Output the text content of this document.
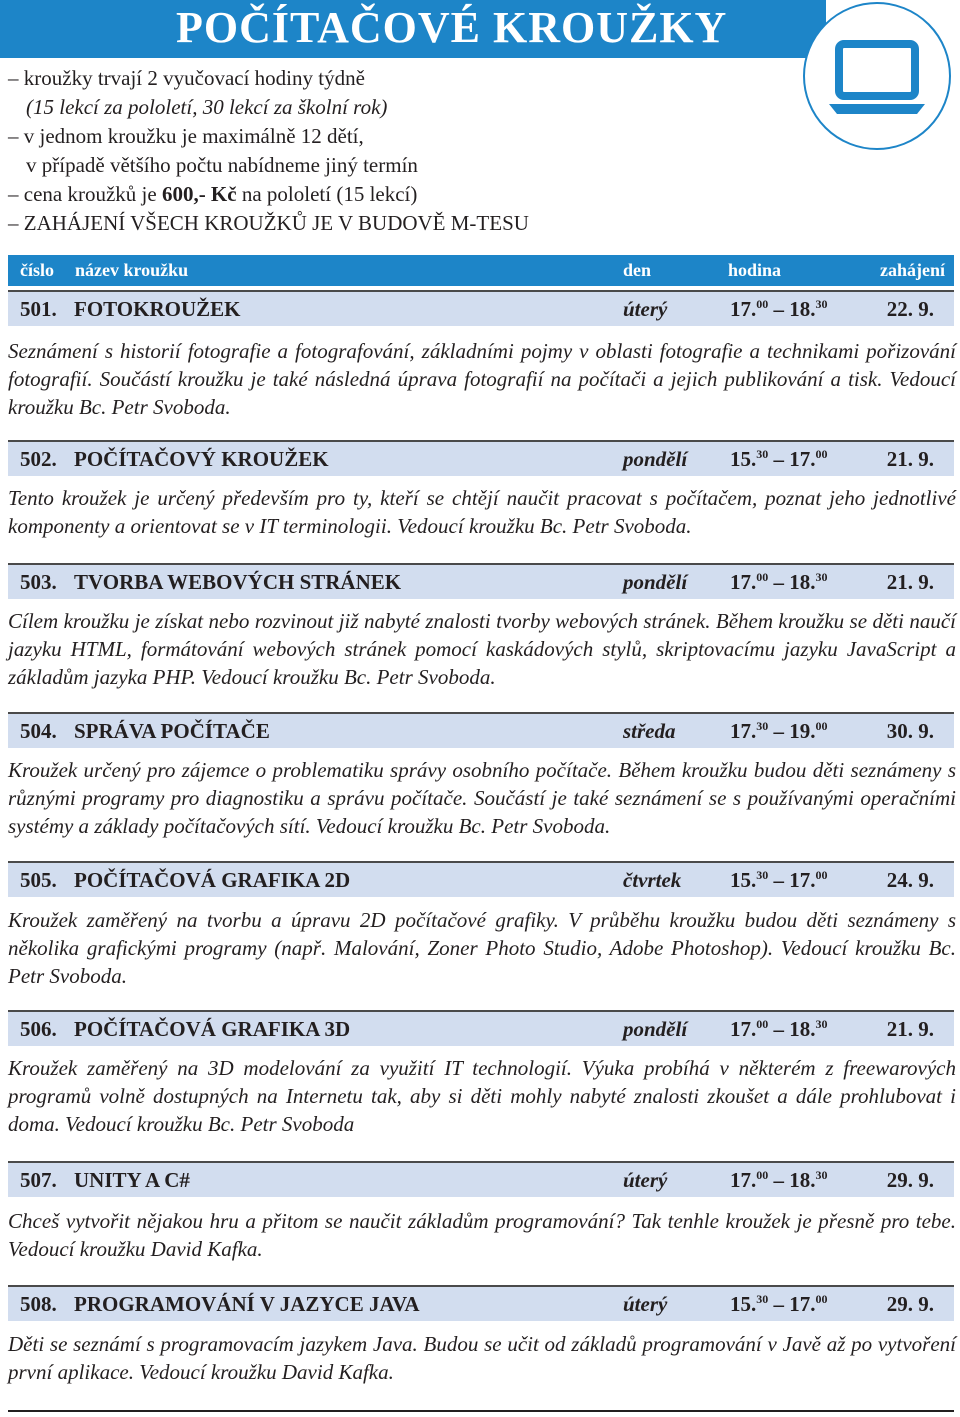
POČÍTAČOVÉ KROUŽKY
– kroužky trvají 2 vyučovací hodiny týdně
(15 lekcí za pololetí, 30 lekcí za školní rok)
– v jednom kroužku je maximálně 12 dětí,
v případě většího počtu nabídneme jiný termín
– cena kroužků je 600,- Kč na pololetí (15 lekcí)
– ZAHÁJENÍ VŠECH KROUŽKŮ JE V BUDOVĚ M-TESU
číslo název kroužku	den	hodina	zahájení
501. FOTOKROUŽEK	úterý	17.00 – 18.30	22. 9.
Seznámení s historií fotografie a fotografování, základními pojmy v oblasti fotografie a technikami pořizování fotografií. Součástí kroužku je také následná úprava fotografií na počítači a jejich publikování a tisk. Vedoucí kroužku Bc. Petr Svoboda.
502. POČÍTAČOVÝ KROUŽEK	pondělí 15.30 – 17.00	21. 9.
Tento kroužek je určený především pro ty, kteří se chtějí naučit pracovat s počítačem, poznat jeho jednotlivé komponenty a orientovat se v IT terminologii. Vedoucí kroužku Bc. Petr Svoboda.
503. TVORBA WEBOVÝCH STRÁNEK	pondělí 17.00 – 18.30	21. 9.
Cílem kroužku je získat nebo rozvinout již nabyté znalosti tvorby webových stránek. Během kroužku se děti naučí jazyku HTML, formátování webových stránek pomocí kaskádových stylů, skriptovacímu jazyku JavaScript a základům jazyka PHP. Vedoucí kroužku Bc. Petr Svoboda.
504. SPRÁVA POČÍTAČE	středa	17.30 – 19.00	30. 9.
Kroužek určený pro zájemce o problematiku správy osobního počítače. Během kroužku budou děti seznámeny s různými programy pro diagnostiku a správu počítače. Součástí je také seznámení se s používanými operačními systémy a základy počítačových sítí. Vedoucí kroužku Bc. Petr Svoboda.
505. POČÍTAČOVÁ GRAFIKA 2D	čtvrtek 15.30 – 17.00	24. 9.
Kroužek zaměřený na tvorbu a úpravu 2D počítačové grafiky. V průběhu kroužku budou děti seznámeny s několika grafickými programy (např. Malování, Zoner Photo Studio, Adobe Photoshop). Vedoucí kroužku Bc. Petr Svoboda.
506. POČÍTAČOVÁ GRAFIKA 3D	pondělí 17.00 – 18.30	21. 9.
Kroužek zaměřený na 3D modelování za využití IT technologií. Výuka probíhá v některém z freewarových programů volně dostupných na Internetu tak, aby si děti mohly nabyté znalosti zkoušet a dále prohlubovat i doma. Vedoucí kroužku Bc. Petr Svoboda
507. UNITY A C#	úterý	17.00 – 18.30	29. 9.
Chceš vytvořit nějakou hru a přitom se naučit základům programování? Tak tenhle kroužek je přesně pro tebe. Vedoucí kroužku David Kafka.
508. PROGRAMOVÁNÍ V JAZYCE JAVA	úterý	15.30 – 17.00	29. 9.
Děti se seznámí s programovacím jazykem Java. Budou se učit od základů programování v Javě až po vytvoření první aplikace. Vedoucí kroužku David Kafka.
